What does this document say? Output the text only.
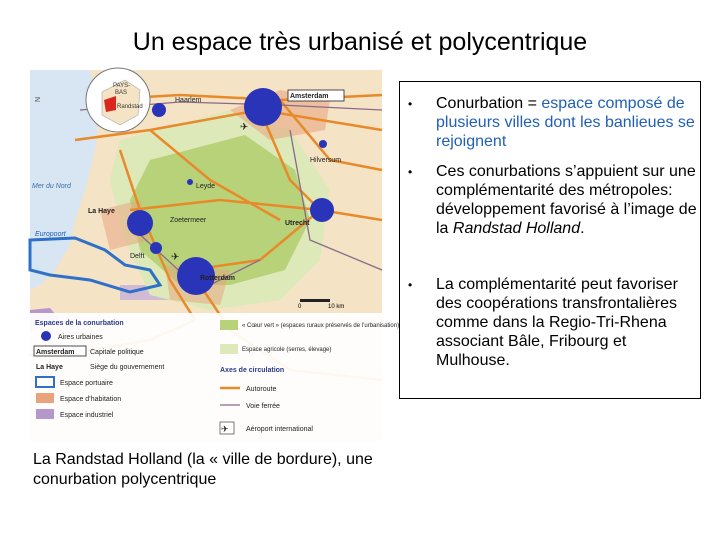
Un espace très urbanisé et polycentrique
PAYS-
BAS
Randstad
N
Mer du Nord
Amsterdam
Haarlem
Hilversum
Leyde
La Haye
Zoetermeer	Utrecht
Europoort
Delft
Rotterdam
✈
✈
0	10 km
Espaces de la conurbation
Aires urbaines
Amsterdam Capitale politique
La Haye	Siège du gouvernement
Espace portuaire
Espace d’habitation
Espace industriel
« Cœur vert » (espaces ruraux préservés de l’urbanisation)
Espace agricole (serres, élevage)
Axes de circulation
Autoroute
Voie ferrée
✈ Aéroport international
La Randstad Holland (la « ville de bordure), une conurbation polycentrique
• Conurbation = espace composé de plusieurs villes dont les banlieues se rejoignent
• Ces conurbations s’appuient sur une complémentarité des métropoles: développement favorisé à l’image de la Randstad Holland.
• La complémentarité peut favoriser des coopérations transfrontalières comme dans la Regio-Tri-Rhena associant Bâle, Fribourg et Mulhouse.
